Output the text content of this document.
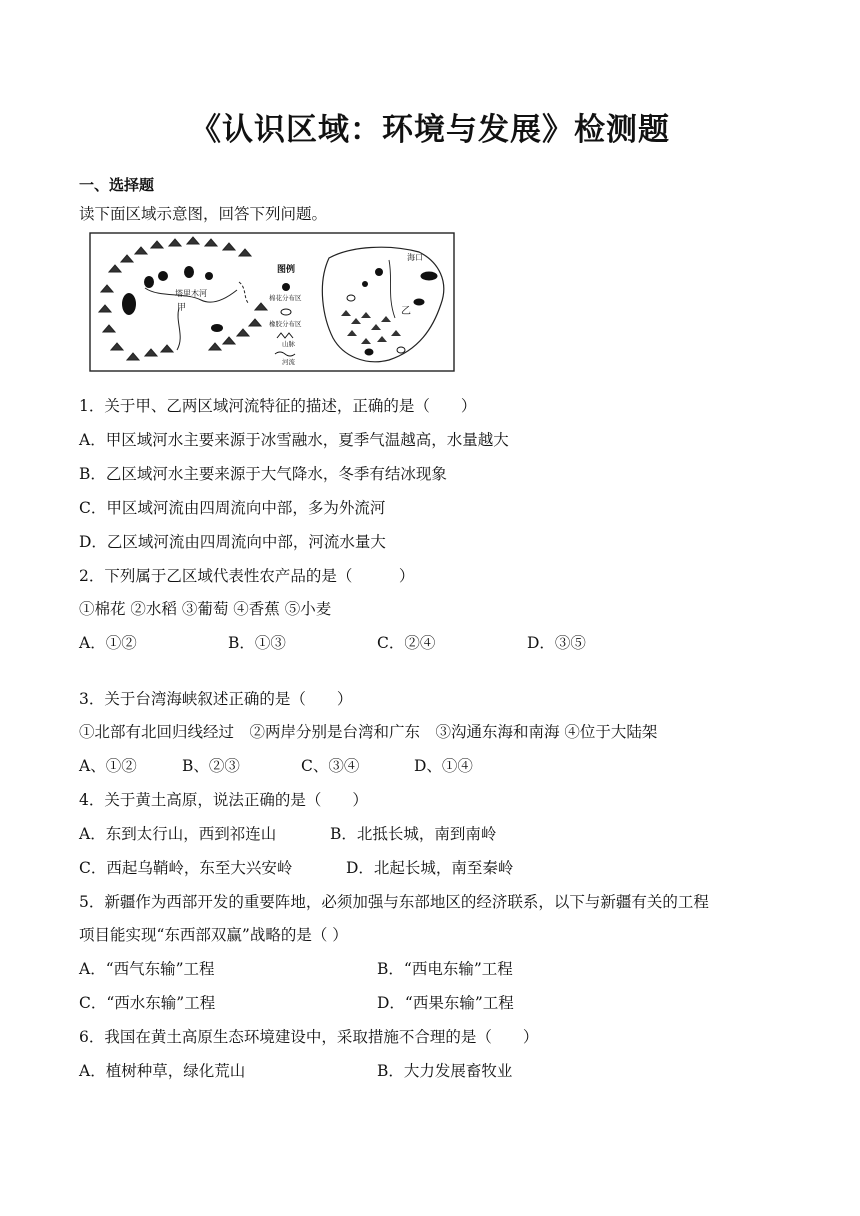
《认识区域：环境与发展》检测题
一、选择题
读下面区域示意图，回答下列问题。
塔里木河
甲
图例
棉花分布区
橡胶分布区
山脉
河流
海口
乙
1．关于甲、乙两区域河流特征的描述，正确的是（　　）
A．甲区域河水主要来源于冰雪融水，夏季气温越高，水量越大
B．乙区域河水主要来源于大气降水，冬季有结冰现象
C．甲区域河流由四周流向中部，多为外流河
D．乙区域河流由四周流向中部，河流水量大
2．下列属于乙区域代表性农产品的是（　　　）
①棉花 ②水稻 ③葡萄 ④香蕉 ⑤小麦
A．①②	B．①③	C．②④	D．③⑤
3．关于台湾海峡叙述正确的是（　　）
①北部有北回归线经过　②两岸分别是台湾和广东　③沟通东海和南海 ④位于大陆架
A、①②	B、②③	C、③④	D、①④
4．关于黄土高原，说法正确的是（　　）
A．东到太行山，西到祁连山	B．北抵长城，南到南岭
C．西起乌鞘岭，东至大兴安岭	D．北起长城，南至秦岭
5．新疆作为西部开发的重要阵地，必须加强与东部地区的经济联系，以下与新疆有关的工程
项目能实现“东西部双赢”战略的是（ ）
A．“西气东输”工程	B．“西电东输”工程
C．“西水东输”工程	D．“西果东输”工程
6．我国在黄土高原生态环境建设中，采取措施不合理的是（　　）
A．植树种草，绿化荒山	B．大力发展畜牧业
